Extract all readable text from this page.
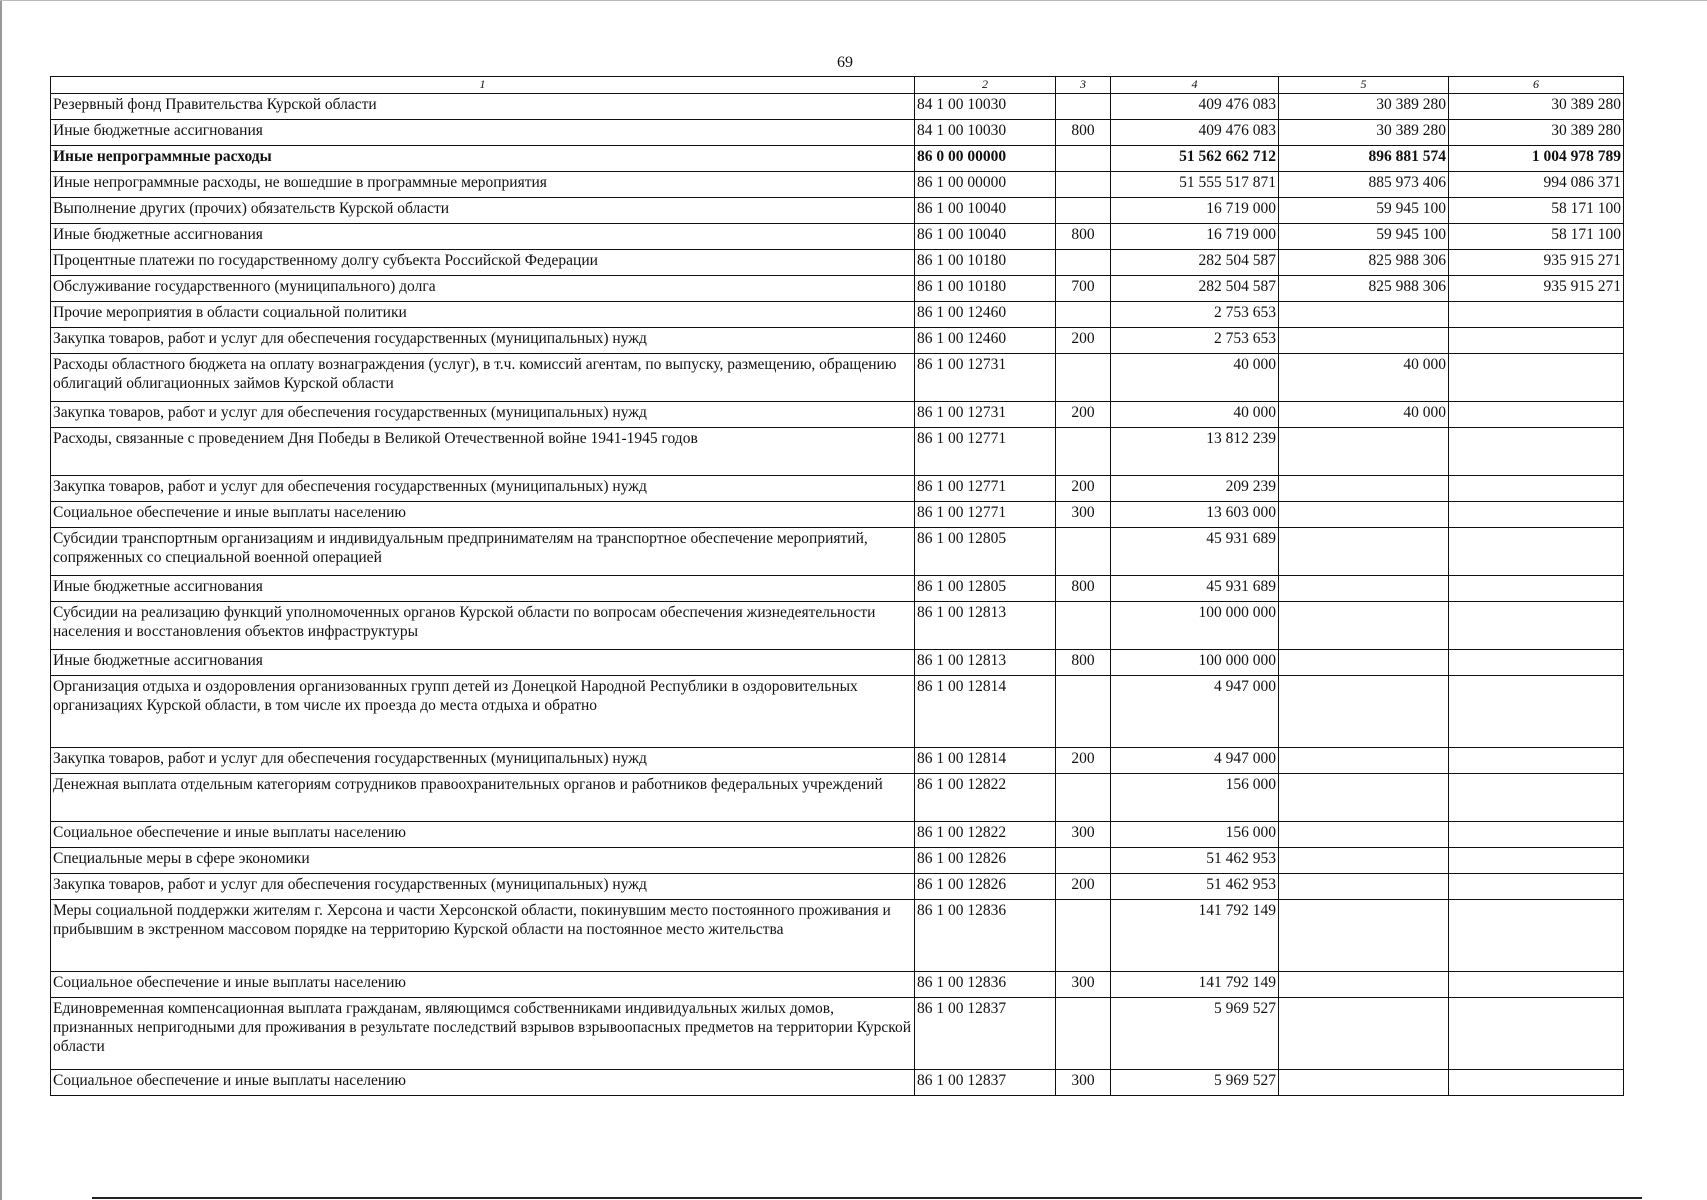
69
1	2	3	4	5	6
Резервный фонд Правительства Курской области	84 1 00 10030		409 476 083	30 389 280	30 389 280
Иные бюджетные ассигнования	84 1 00 10030	800	409 476 083	30 389 280	30 389 280
Иные непрограммные расходы	86 0 00 00000		51 562 662 712	896 881 574	1 004 978 789
Иные непрограммные расходы, не вошедшие в программные мероприятия	86 1 00 00000		51 555 517 871	885 973 406	994 086 371
Выполнение других (прочих) обязательств Курской области	86 1 00 10040		16 719 000	59 945 100	58 171 100
Иные бюджетные ассигнования	86 1 00 10040	800	16 719 000	59 945 100	58 171 100
Процентные платежи по государственному долгу субъекта Российской Федерации	86 1 00 10180		282 504 587	825 988 306	935 915 271
Обслуживание государственного (муниципального) долга	86 1 00 10180	700	282 504 587	825 988 306	935 915 271
Прочие мероприятия в области социальной политики	86 1 00 12460		2 753 653		
Закупка товаров, работ и услуг для обеспечения государственных (муниципальных) нужд	86 1 00 12460	200	2 753 653		
Расходы областного бюджета на оплату вознаграждения (услуг), в т.ч. комиссий агентам, по выпуску, размещению, обращению облигаций облигационных займов Курской области	86 1 00 12731		40 000	40 000	
Закупка товаров, работ и услуг для обеспечения государственных (муниципальных) нужд	86 1 00 12731	200	40 000	40 000	
Расходы, связанные с проведением Дня Победы в Великой Отечественной войне 1941-1945 годов	86 1 00 12771		13 812 239		
Закупка товаров, работ и услуг для обеспечения государственных (муниципальных) нужд	86 1 00 12771	200	209 239		
Социальное обеспечение и иные выплаты населению	86 1 00 12771	300	13 603 000		
Субсидии транспортным организациям и индивидуальным предпринимателям на транспортное обеспечение мероприятий, сопряженных со специальной военной операцией	86 1 00 12805		45 931 689		
Иные бюджетные ассигнования	86 1 00 12805	800	45 931 689		
Субсидии на реализацию функций уполномоченных органов Курской области по вопросам обеспечения жизнедеятельности населения и восстановления объектов инфраструктуры	86 1 00 12813		100 000 000		
Иные бюджетные ассигнования	86 1 00 12813	800	100 000 000		
Организация отдыха и оздоровления организованных групп детей из Донецкой Народной Республики в оздоровительных организациях Курской области, в том числе их проезда до места отдыха и обратно	86 1 00 12814		4 947 000		
Закупка товаров, работ и услуг для обеспечения государственных (муниципальных) нужд	86 1 00 12814	200	4 947 000		
Денежная выплата отдельным категориям сотрудников правоохранительных органов и работников федеральных учреждений	86 1 00 12822		156 000		
Социальное обеспечение и иные выплаты населению	86 1 00 12822	300	156 000		
Специальные меры в сфере экономики	86 1 00 12826		51 462 953		
Закупка товаров, работ и услуг для обеспечения государственных (муниципальных) нужд	86 1 00 12826	200	51 462 953		
Меры социальной поддержки жителям г. Херсона и части Херсонской области, покинувшим место постоянного проживания и прибывшим в экстренном массовом порядке на территорию Курской области на постоянное место жительства	86 1 00 12836		141 792 149		
Социальное обеспечение и иные выплаты населению	86 1 00 12836	300	141 792 149		
Единовременная компенсационная выплата гражданам, являющимся собственниками индивидуальных жилых домов, признанных непригодными для проживания в результате последствий взрывов взрывоопасных предметов на территории Курской области	86 1 00 12837		5 969 527		
Социальное обеспечение и иные выплаты населению	86 1 00 12837	300	5 969 527		
